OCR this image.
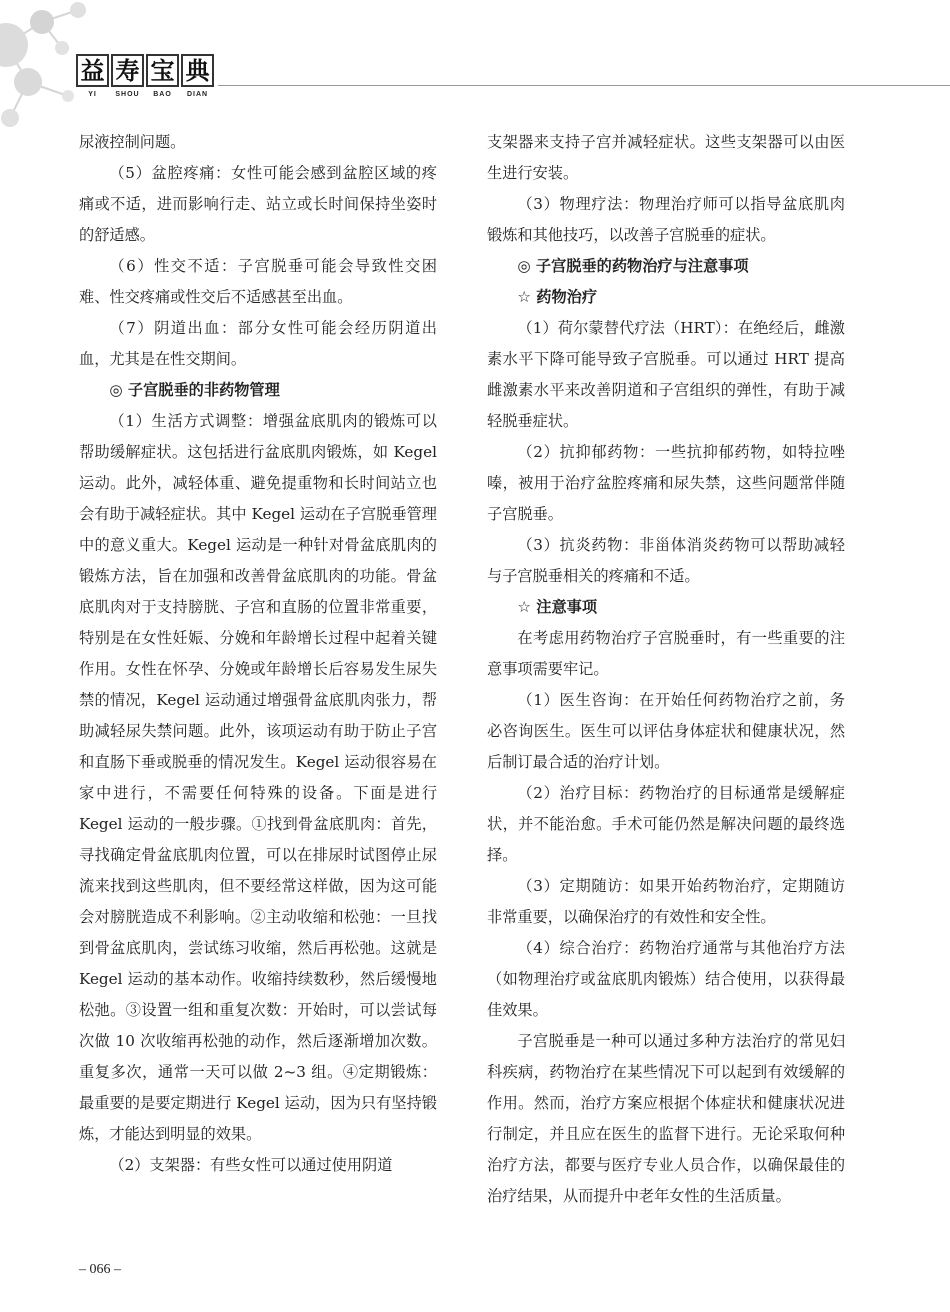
益 寿 宝 典
YI	SHOU	BAO	DIAN

尿液控制问题。

（5）盆腔疼痛：女性可能会感到盆腔区域的疼痛或不适，进而影响行走、站立或长时间保持坐姿时的舒适感。

（6）性交不适：子宫脱垂可能会导致性交困难、性交疼痛或性交后不适感甚至出血。

（7）阴道出血：部分女性可能会经历阴道出血，尤其是在性交期间。

◎ 子宫脱垂的非药物管理

（1）生活方式调整：增强盆底肌肉的锻炼可以帮助缓解症状。这包括进行盆底肌肉锻炼，如 Kegel 运动。此外，减轻体重、避免提重物和长时间站立也会有助于减轻症状。其中 Kegel 运动在子宫脱垂管理中的意义重大。Kegel 运动是一种针对骨盆底肌肉的锻炼方法，旨在加强和改善骨盆底肌肉的功能。骨盆底肌肉对于支持膀胱、子宫和直肠的位置非常重要，特别是在女性妊娠、分娩和年龄增长过程中起着关键作用。女性在怀孕、分娩或年龄增长后容易发生尿失禁的情况，Kegel 运动通过增强骨盆底肌肉张力，帮助减轻尿失禁问题。此外，该项运动有助于防止子宫和直肠下垂或脱垂的情况发生。Kegel 运动很容易在家中进行，不需要任何特殊的设备。下面是进行 Kegel 运动的一般步骤。①找到骨盆底肌肉：首先，寻找确定骨盆底肌肉位置，可以在排尿时试图停止尿流来找到这些肌肉，但不要经常这样做，因为这可能会对膀胱造成不利影响。②主动收缩和松弛：一旦找到骨盆底肌肉，尝试练习收缩，然后再松弛。这就是 Kegel 运动的基本动作。收缩持续数秒，然后缓慢地松弛。③设置一组和重复次数：开始时，可以尝试每次做 10 次收缩再松弛的动作，然后逐渐增加次数。重复多次，通常一天可以做 2~3 组。④定期锻炼：最重要的是要定期进行 Kegel 运动，因为只有坚持锻炼，才能达到明显的效果。

（2）支架器：有些女性可以通过使用阴道

支架器来支持子宫并减轻症状。这些支架器可以由医生进行安装。

（3）物理疗法：物理治疗师可以指导盆底肌肉锻炼和其他技巧，以改善子宫脱垂的症状。

◎ 子宫脱垂的药物治疗与注意事项

☆ 药物治疗

（1）荷尔蒙替代疗法（HRT）：在绝经后，雌激素水平下降可能导致子宫脱垂。可以通过 HRT 提高雌激素水平来改善阴道和子宫组织的弹性，有助于减轻脱垂症状。

（2）抗抑郁药物：一些抗抑郁药物，如特拉唑嗪，被用于治疗盆腔疼痛和尿失禁，这些问题常伴随子宫脱垂。

（3）抗炎药物：非甾体消炎药物可以帮助减轻与子宫脱垂相关的疼痛和不适。

☆ 注意事项

在考虑用药物治疗子宫脱垂时，有一些重要的注意事项需要牢记。

（1）医生咨询：在开始任何药物治疗之前，务必咨询医生。医生可以评估身体症状和健康状况，然后制订最合适的治疗计划。

（2）治疗目标：药物治疗的目标通常是缓解症状，并不能治愈。手术可能仍然是解决问题的最终选择。

（3）定期随访：如果开始药物治疗，定期随访非常重要，以确保治疗的有效性和安全性。

（4）综合治疗：药物治疗通常与其他治疗方法（如物理治疗或盆底肌肉锻炼）结合使用，以获得最佳效果。

子宫脱垂是一种可以通过多种方法治疗的常见妇科疾病，药物治疗在某些情况下可以起到有效缓解的作用。然而，治疗方案应根据个体症状和健康状况进行制定，并且应在医生的监督下进行。无论采取何种治疗方法，都要与医疗专业人员合作，以确保最佳的治疗结果，从而提升中老年女性的生活质量。

– 066 –
